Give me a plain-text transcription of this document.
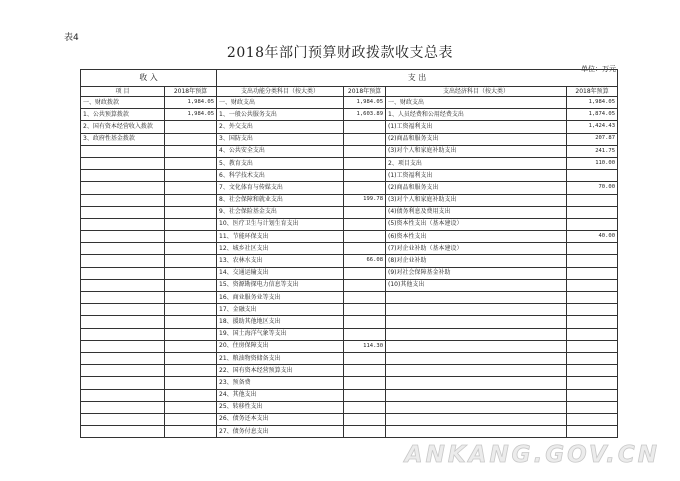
表4
2018年部门预算财政拨款收支总表
单位：万元
收 入		支 出			
项 目	2018年预算	支出功能分类科目（按大类）	2018年预算	支出经济科目（按大类）	2018年预算
一、财政拨款	1,984.05	一、财政支出	1,984.05	一、财政支出	1,984.05
1、公共预算拨款	1,984.05	1、一般公共服务支出	1,603.89	1、人员经费和公用经费支出	1,874.05
2、国有资本经营收入拨款		2、外交支出		(1)工资福利支出	1,424.43
3、政府性基金拨款		3、国防支出		(2)商品和服务支出	207.87
		4、公共安全支出		(3)对个人和家庭补助支出	241.75
		5、教育支出		2、项目支出	110.00
		6、科学技术支出		(1)工资福利支出	
		7、文化体育与传媒支出		(2)商品和服务支出	70.00
		8、社会保障和就业支出	199.78	(3)对个人和家庭补助支出	
		9、社会保险基金支出		(4)债务利息及费用支出	
		10、医疗卫生与计划生育支出		(5)资本性支出（基本建设）	
		11、节能环保支出		(6)资本性支出	40.00
		12、城乡社区支出		(7)对企业补助（基本建设）	
		13、农林水支出	66.08	(8)对企业补助	
		14、交通运输支出		(9)对社会保障基金补助	
		15、资源勘探电力信息等支出		(10)其他支出	
		16、商业服务业等支出			
		17、金融支出			
		18、援助其他地区支出			
		19、国土海洋气象等支出			
		20、住房保障支出	114.30		
		21、粮油物资储备支出			
		22、国有资本经营预算支出			
		23、预备费			
		24、其他支出			
		25、转移性支出			
		26、债务还本支出			
		27、债务付息支出			
ANKANG.GOV.CN
